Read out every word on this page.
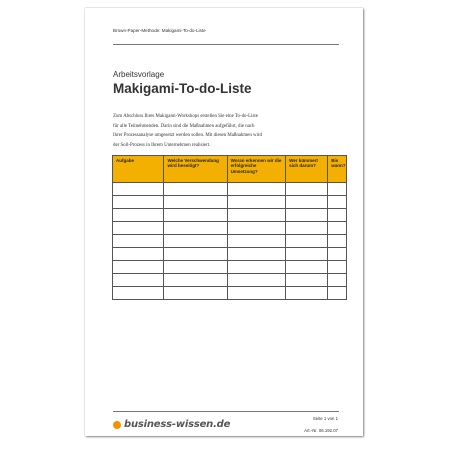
Brown-Paper-Methode: Makigami-To-do-Liste
Arbeitsvorlage
Makigami-To-do-Liste
Zum Abschluss Ihres Makigami-Workshops erstellen Sie eine To-do-Liste
für alle Teilnehmenden. Darin sind die Maßnahmen aufgeführt, die nach
Ihrer Prozessanalyse umgesetzt werden sollen. Mit diesen Maßnahmen wird
der Soll-Prozess in Ihrem Unternehmen realisiert.
Aufgabe	Welche Verschwendung wird beseitigt?	Woran erkennen wir die erfolgreiche Umsetzung?	Wer kümmert sich darum?	Bis wann?

business-wissen.de
Seite 1 von 1
Art.-Nr. 06.192.07
